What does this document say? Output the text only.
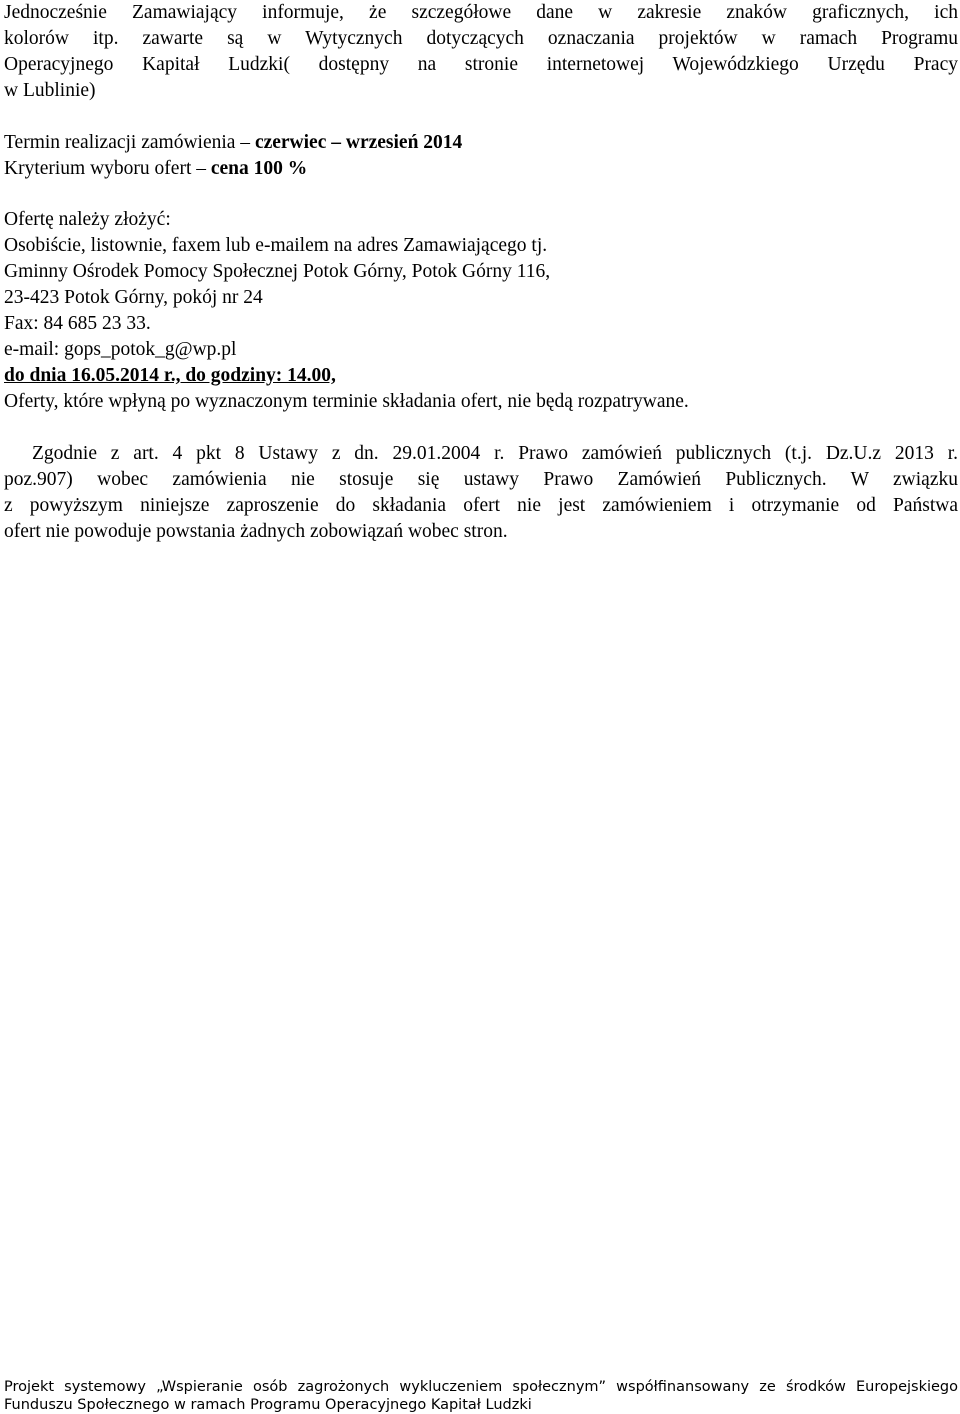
Jednocześnie Zamawiający informuje, że szczegółowe dane w zakresie znaków graficznych, ich
kolorów itp. zawarte są w Wytycznych dotyczących oznaczania projektów w ramach Programu
Operacyjnego Kapitał Ludzki( dostępny na stronie internetowej Wojewódzkiego Urzędu Pracy
w Lublinie)
Termin realizacji zamówienia – czerwiec – wrzesień 2014
Kryterium wyboru ofert – cena 100 %
Ofertę należy złożyć:
Osobiście, listownie, faxem lub e-mailem na adres Zamawiającego tj.
Gminny Ośrodek Pomocy Społecznej Potok Górny, Potok Górny 116,
23-423 Potok Górny, pokój nr 24
Fax: 84 685 23 33.
e-mail: gops_potok_g@wp.pl
do dnia 16.05.2014 r., do godziny: 14.00,
Oferty, które wpłyną po wyznaczonym terminie składania ofert, nie będą rozpatrywane.
Zgodnie z art. 4 pkt 8 Ustawy z dn. 29.01.2004 r. Prawo zamówień publicznych (t.j. Dz.U.z 2013 r.
poz.907) wobec zamówienia nie stosuje się ustawy Prawo Zamówień Publicznych. W związku
z powyższym niniejsze zaproszenie do składania ofert nie jest zamówieniem i otrzymanie od Państwa
ofert nie powoduje powstania żadnych zobowiązań wobec stron.
Projekt systemowy „Wspieranie osób zagrożonych wykluczeniem społecznym” współfinansowany ze środków Europejskiego
Funduszu Społecznego w ramach Programu Operacyjnego Kapitał Ludzki
